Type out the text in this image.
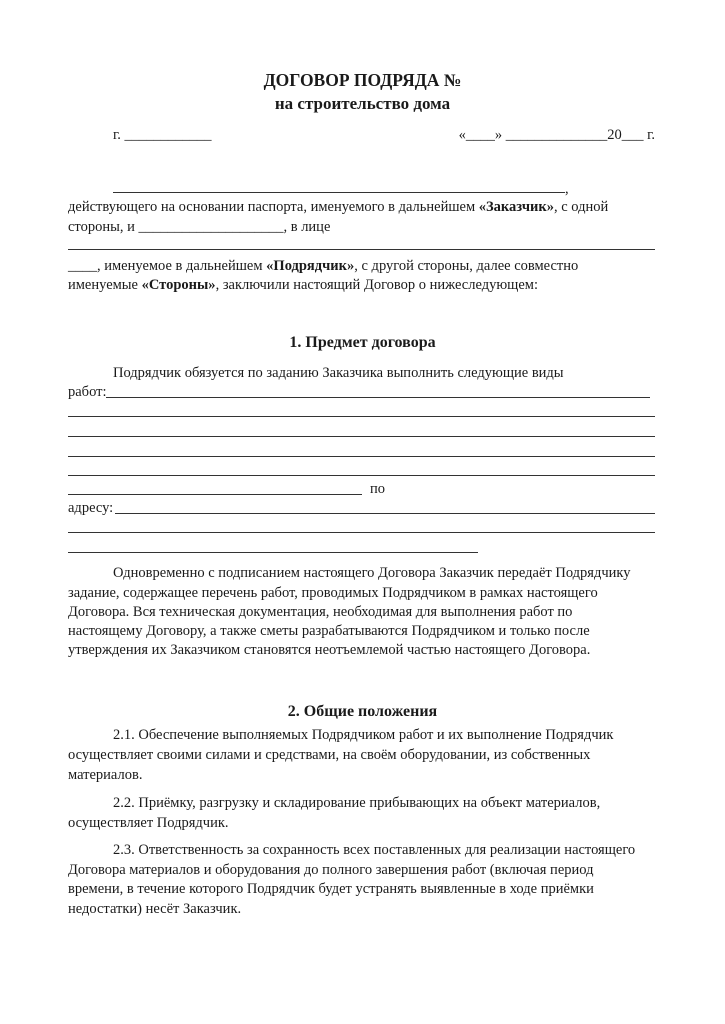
ДОГОВОР ПОДРЯДА №
на строительство дома
г. ____________	«____» ______________20___ г.
,
действующего на основании паспорта, именуемого в дальнейшем «Заказчик», с одной
стороны, и ____________________, в лице
____, именуемое в дальнейшем «Подрядчик», с другой стороны, далее совместно
именуемые «Стороны», заключили настоящий Договор о нижеследующем:
1. Предмет договора
Подрядчик обязуется по заданию Заказчика выполнить следующие виды
работ:
по
адресу:
Одновременно с подписанием настоящего Договора Заказчик передаёт Подрядчику
задание, содержащее перечень работ, проводимых Подрядчиком в рамках настоящего
Договора. Вся техническая документация, необходимая для выполнения работ по
настоящему Договору, а также сметы разрабатываются Подрядчиком и только после
утверждения их Заказчиком становятся неотъемлемой частью настоящего Договора.
2. Общие положения
2.1. Обеспечение выполняемых Подрядчиком работ и их выполнение Подрядчик
осуществляет своими силами и средствами, на своём оборудовании, из собственных
материалов.
2.2. Приёмку, разгрузку и складирование прибывающих на объект материалов,
осуществляет Подрядчик.
2.3. Ответственность за сохранность всех поставленных для реализации настоящего
Договора материалов и оборудования до полного завершения работ (включая период
времени, в течение которого Подрядчик будет устранять выявленные в ходе приёмки
недостатки) несёт Заказчик.
